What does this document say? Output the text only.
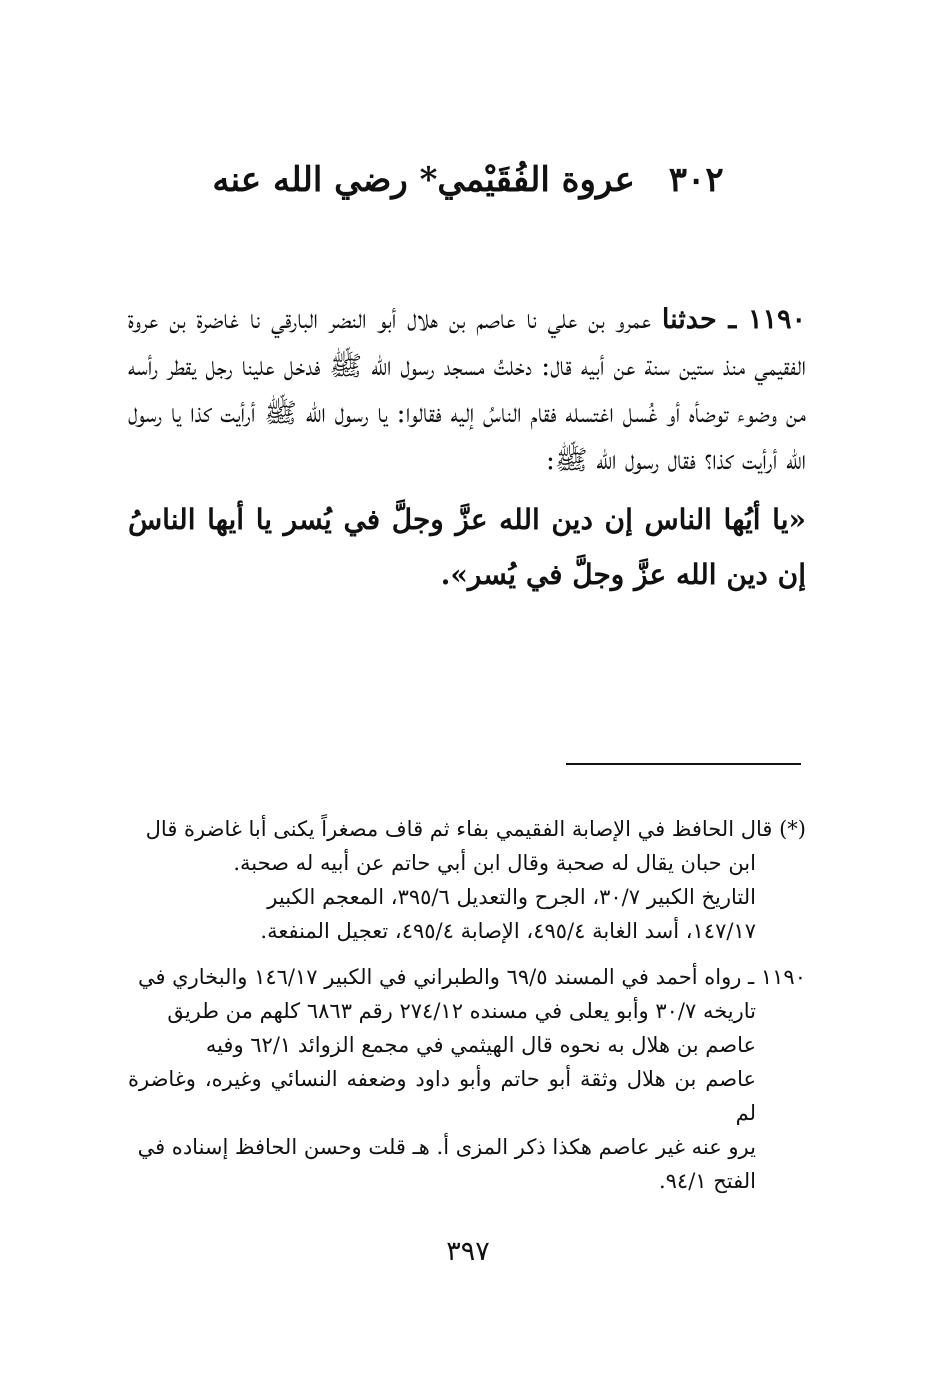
٣٠٢ عروة الفُقَيْمي* رضي الله عنه

١١٩٠ ـ حدثنا عمرو بن علي نا عاصم بن هلال أبو النضر البارقي نا غاضرة بن عروة الفقيمي منذ ستين سنة عن أبيه قال: دخلتُ مسجد رسول الله ﷺ فدخل علينا رجل يقطر رأسه من وضوء توضأه أو غُسل اغتسله فقام الناسُ إليه فقالوا: يا رسول الله ﷺ أرأيت كذا يا رسول الله أرأيت كذا؟ فقال رسول الله ﷺ:

«يا أيُها الناس إن دين الله عزَّ وجلَّ في يُسر يا أيها الناسُ إن دين الله عزَّ وجلَّ في يُسر».

(*) قال الحافظ في الإصابة الفقيمي بفاء ثم قاف مصغراً يكنى أبا غاضرة قال

ابن حبان يقال له صحبة وقال ابن أبي حاتم عن أبيه له صحبة.

التاريخ الكبير ٣٠/٧، الجرح والتعديل ٣٩٥/٦، المعجم الكبير

١٤٧/١٧، أسد الغابة ٤٩٥/٤، الإصابة ٤٩٥/٤، تعجيل المنفعة.

١١٩٠ ـ رواه أحمد في المسند ٦٩/٥ والطبراني في الكبير ١٤٦/١٧ والبخاري في

تاريخه ٣٠/٧ وأبو يعلى في مسنده ٢٧٤/١٢ رقم ٦٨٦٣ كلهم من طريق

عاصم بن هلال به نحوه قال الهيثمي في مجمع الزوائد ٦٢/١ وفيه

عاصم بن هلال وثقة أبو حاتم وأبو داود وضعفه النسائي وغيره، وغاضرة لم

يرو عنه غير عاصم هكذا ذكر المزى أ. هـ قلت وحسن الحافظ إسناده في

الفتح ٩٤/١.

٣٩٧
